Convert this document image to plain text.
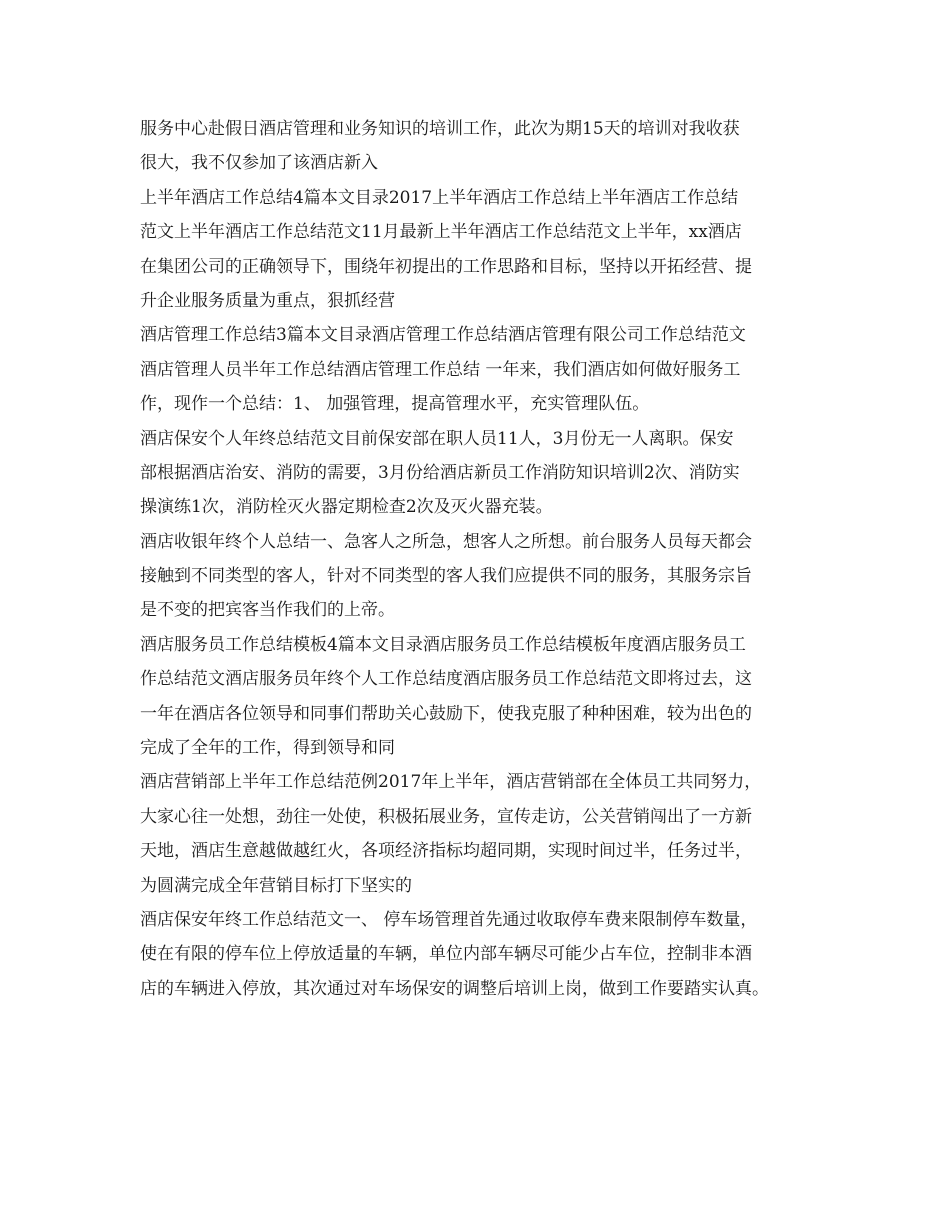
服务中心赴假日酒店管理和业务知识的培训工作，此次为期15天的培训对我收获
很大，我不仅参加了该酒店新入
上半年酒店工作总结4篇本文目录2017上半年酒店工作总结上半年酒店工作总结
范文上半年酒店工作总结范文11月最新上半年酒店工作总结范文上半年，xx酒店
在集团公司的正确领导下，围绕年初提出的工作思路和目标，坚持以开拓经营、提
升企业服务质量为重点，狠抓经营
酒店管理工作总结3篇本文目录酒店管理工作总结酒店管理有限公司工作总结范文
酒店管理人员半年工作总结酒店管理工作总结 一年来，我们酒店如何做好服务工
作，现作一个总结：1、 加强管理，提高管理水平，充实管理队伍。
酒店保安个人年终总结范文目前保安部在职人员11人，3月份无一人离职。保安
部根据酒店治安、消防的需要，3月份给酒店新员工作消防知识培训2次、消防实
操演练1次，消防栓灭火器定期检查2次及灭火器充装。
酒店收银年终个人总结一、急客人之所急，想客人之所想。前台服务人员每天都会
接触到不同类型的客人，针对不同类型的客人我们应提供不同的服务，其服务宗旨
是不变的把宾客当作我们的上帝。
酒店服务员工作总结模板4篇本文目录酒店服务员工作总结模板年度酒店服务员工
作总结范文酒店服务员年终个人工作总结度酒店服务员工作总结范文即将过去，这
一年在酒店各位领导和同事们帮助关心鼓励下，使我克服了种种困难，较为出色的
完成了全年的工作，得到领导和同
酒店营销部上半年工作总结范例2017年上半年，酒店营销部在全体员工共同努力，
大家心往一处想，劲往一处使，积极拓展业务，宣传走访，公关营销闯出了一方新
天地，酒店生意越做越红火，各项经济指标均超同期，实现时间过半，任务过半，
为圆满完成全年营销目标打下坚实的
酒店保安年终工作总结范文一、 停车场管理首先通过收取停车费来限制停车数量，
使在有限的停车位上停放适量的车辆，单位内部车辆尽可能少占车位，控制非本酒
店的车辆进入停放，其次通过对车场保安的调整后培训上岗，做到工作要踏实认真。
